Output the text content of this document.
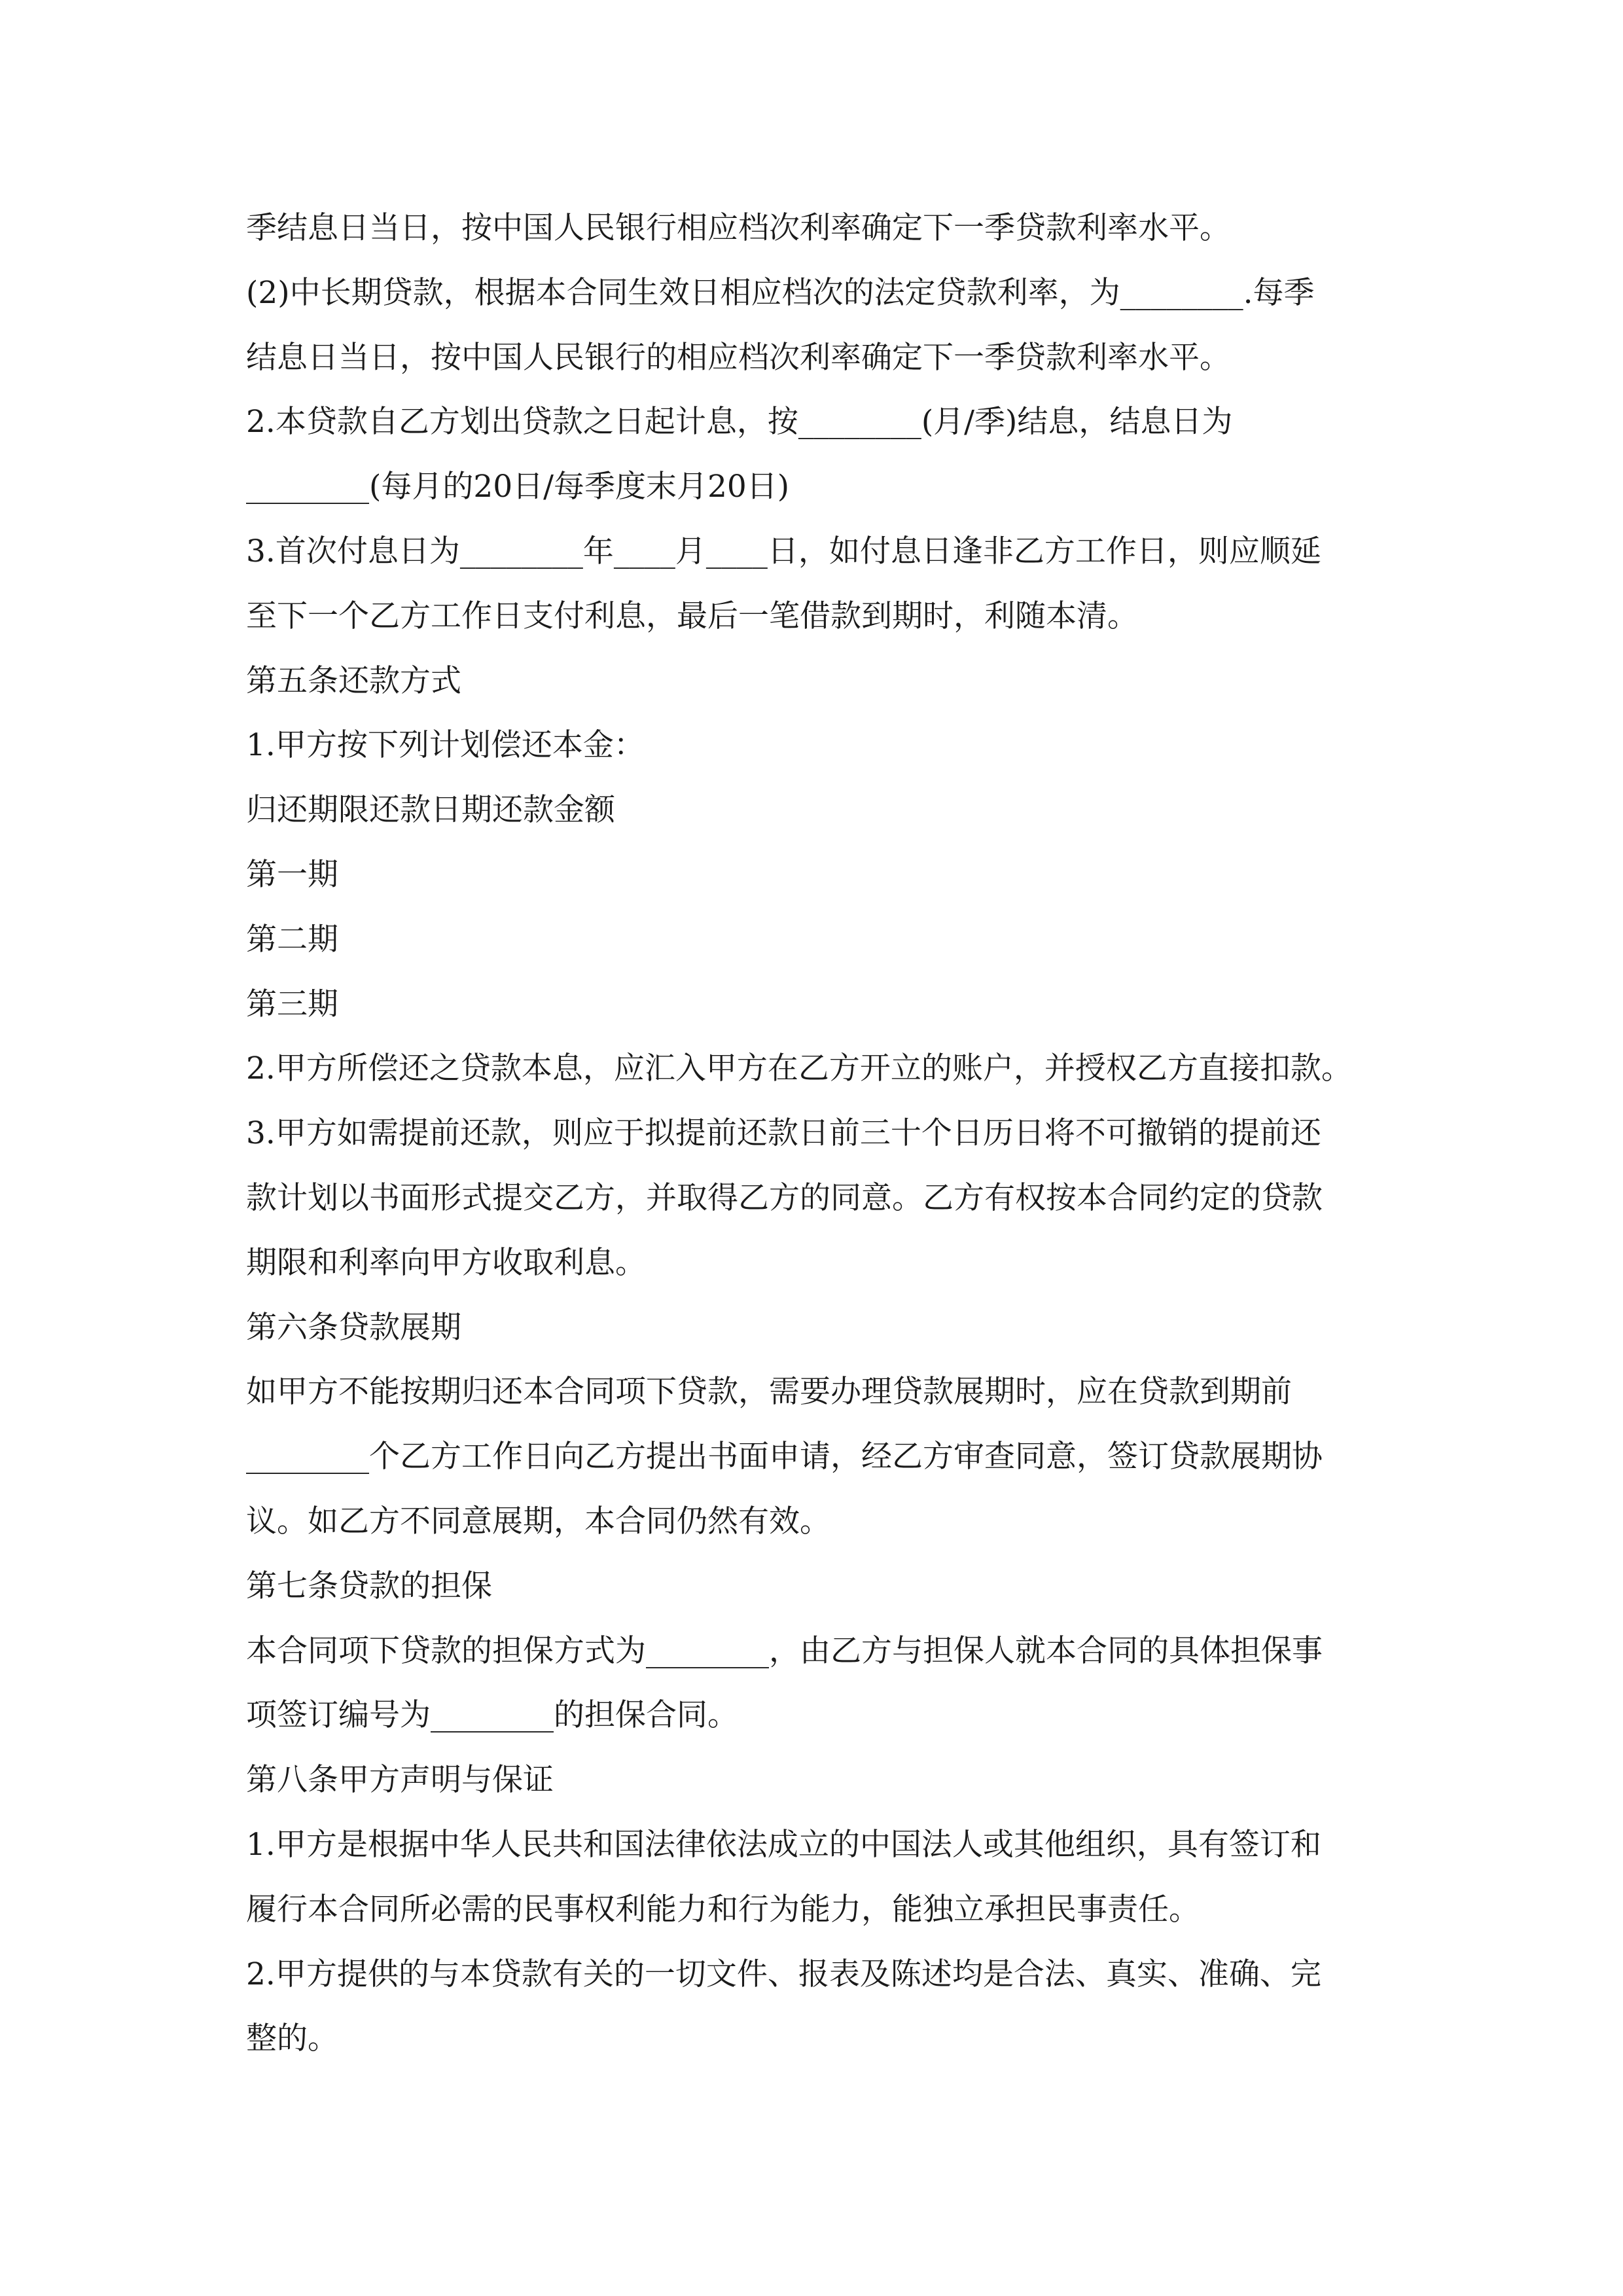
季结息日当日，按中国人民银行相应档次利率确定下一季贷款利率水平。
(2)中长期贷款，根据本合同生效日相应档次的法定贷款利率，为________.每季
结息日当日，按中国人民银行的相应档次利率确定下一季贷款利率水平。
2.本贷款自乙方划出贷款之日起计息，按________(月/季)结息，结息日为
________(每月的20日/每季度末月20日)
3.首次付息日为________年____月____日，如付息日逢非乙方工作日，则应顺延
至下一个乙方工作日支付利息，最后一笔借款到期时，利随本清。
第五条还款方式
1.甲方按下列计划偿还本金：
归还期限还款日期还款金额
第一期
第二期
第三期
2.甲方所偿还之贷款本息，应汇入甲方在乙方开立的账户，并授权乙方直接扣款。
3.甲方如需提前还款，则应于拟提前还款日前三十个日历日将不可撤销的提前还
款计划以书面形式提交乙方，并取得乙方的同意。乙方有权按本合同约定的贷款
期限和利率向甲方收取利息。
第六条贷款展期
如甲方不能按期归还本合同项下贷款，需要办理贷款展期时，应在贷款到期前
________个乙方工作日向乙方提出书面申请，经乙方审查同意，签订贷款展期协
议。如乙方不同意展期，本合同仍然有效。
第七条贷款的担保
本合同项下贷款的担保方式为________，由乙方与担保人就本合同的具体担保事
项签订编号为________的担保合同。
第八条甲方声明与保证
1.甲方是根据中华人民共和国法律依法成立的中国法人或其他组织，具有签订和
履行本合同所必需的民事权利能力和行为能力，能独立承担民事责任。
2.甲方提供的与本贷款有关的一切文件、报表及陈述均是合法、真实、准确、完
整的。
